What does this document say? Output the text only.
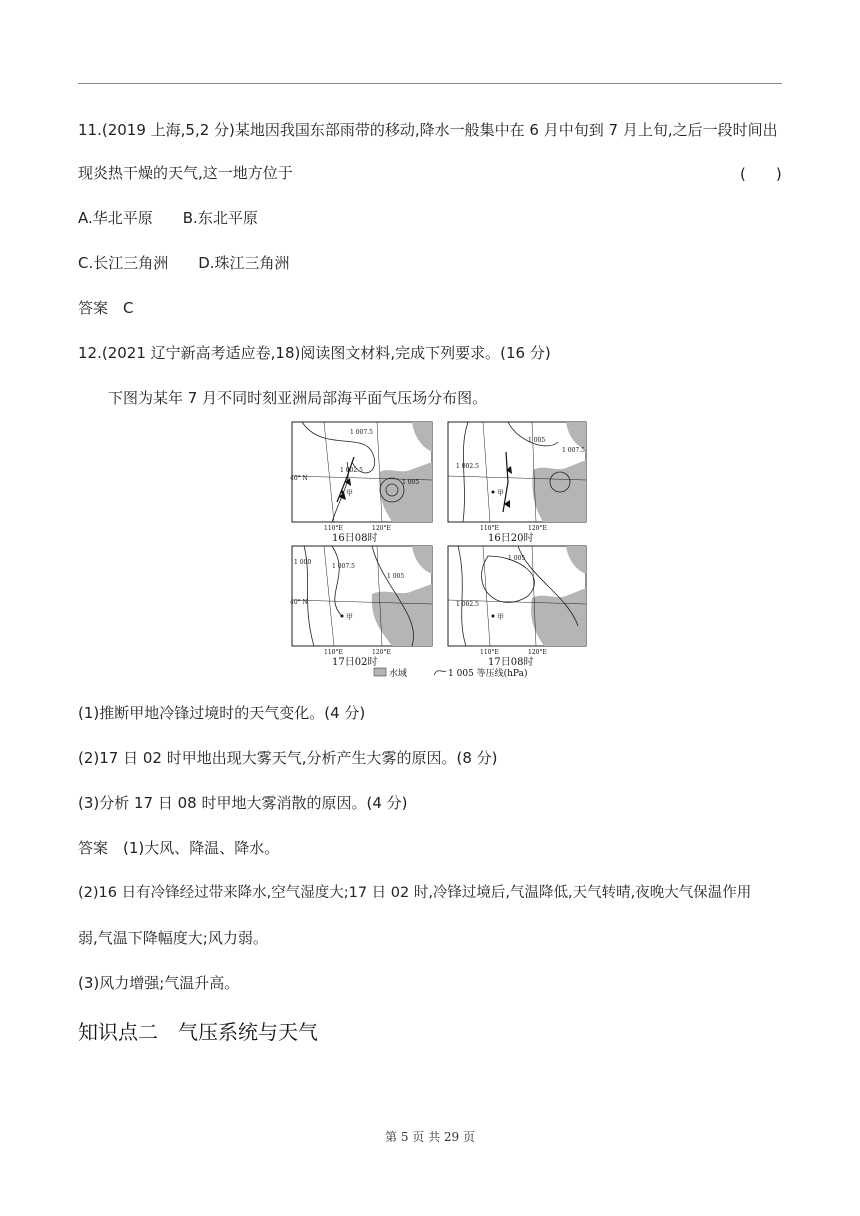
11.(2019 上海,5,2 分)某地因我国东部雨带的移动,降水一般集中在 6 月中旬到 7 月上旬,之后一段时间出
现炎热干燥的天气,这一地方位于	(　　)
A.华北平原　　B.东北平原
C.长江三角洲　　D.珠江三角洲
答案　C
12.(2021 辽宁新高考适应卷,18)阅读图文材料,完成下列要求。(16 分)
下图为某年 7 月不同时刻亚洲局部海平面气压场分布图。
甲
1 007.5
1 002.5
1 005
40° N
110°E	120°E
16日08时
甲
1 005
1 007.5
1 002.5
110°E	120°E
16日20时
甲
1 000
1 007.5
1 005
40° N
110°E	120°E
17日02时
甲
1 002.5
1 005
110°E	120°E
17日08时
水域	1 005 等压线(hPa)
(1)推断甲地冷锋过境时的天气变化。(4 分)
(2)17 日 02 时甲地出现大雾天气,分析产生大雾的原因。(8 分)
(3)分析 17 日 08 时甲地大雾消散的原因。(4 分)
答案　(1)大风、降温、降水。
(2)16 日有冷锋经过带来降水,空气湿度大;17 日 02 时,冷锋过境后,气温降低,天气转晴,夜晚大气保温作用
弱,气温下降幅度大;风力弱。
(3)风力增强;气温升高。
知识点二　气压系统与天气
第 5 页 共 29 页
